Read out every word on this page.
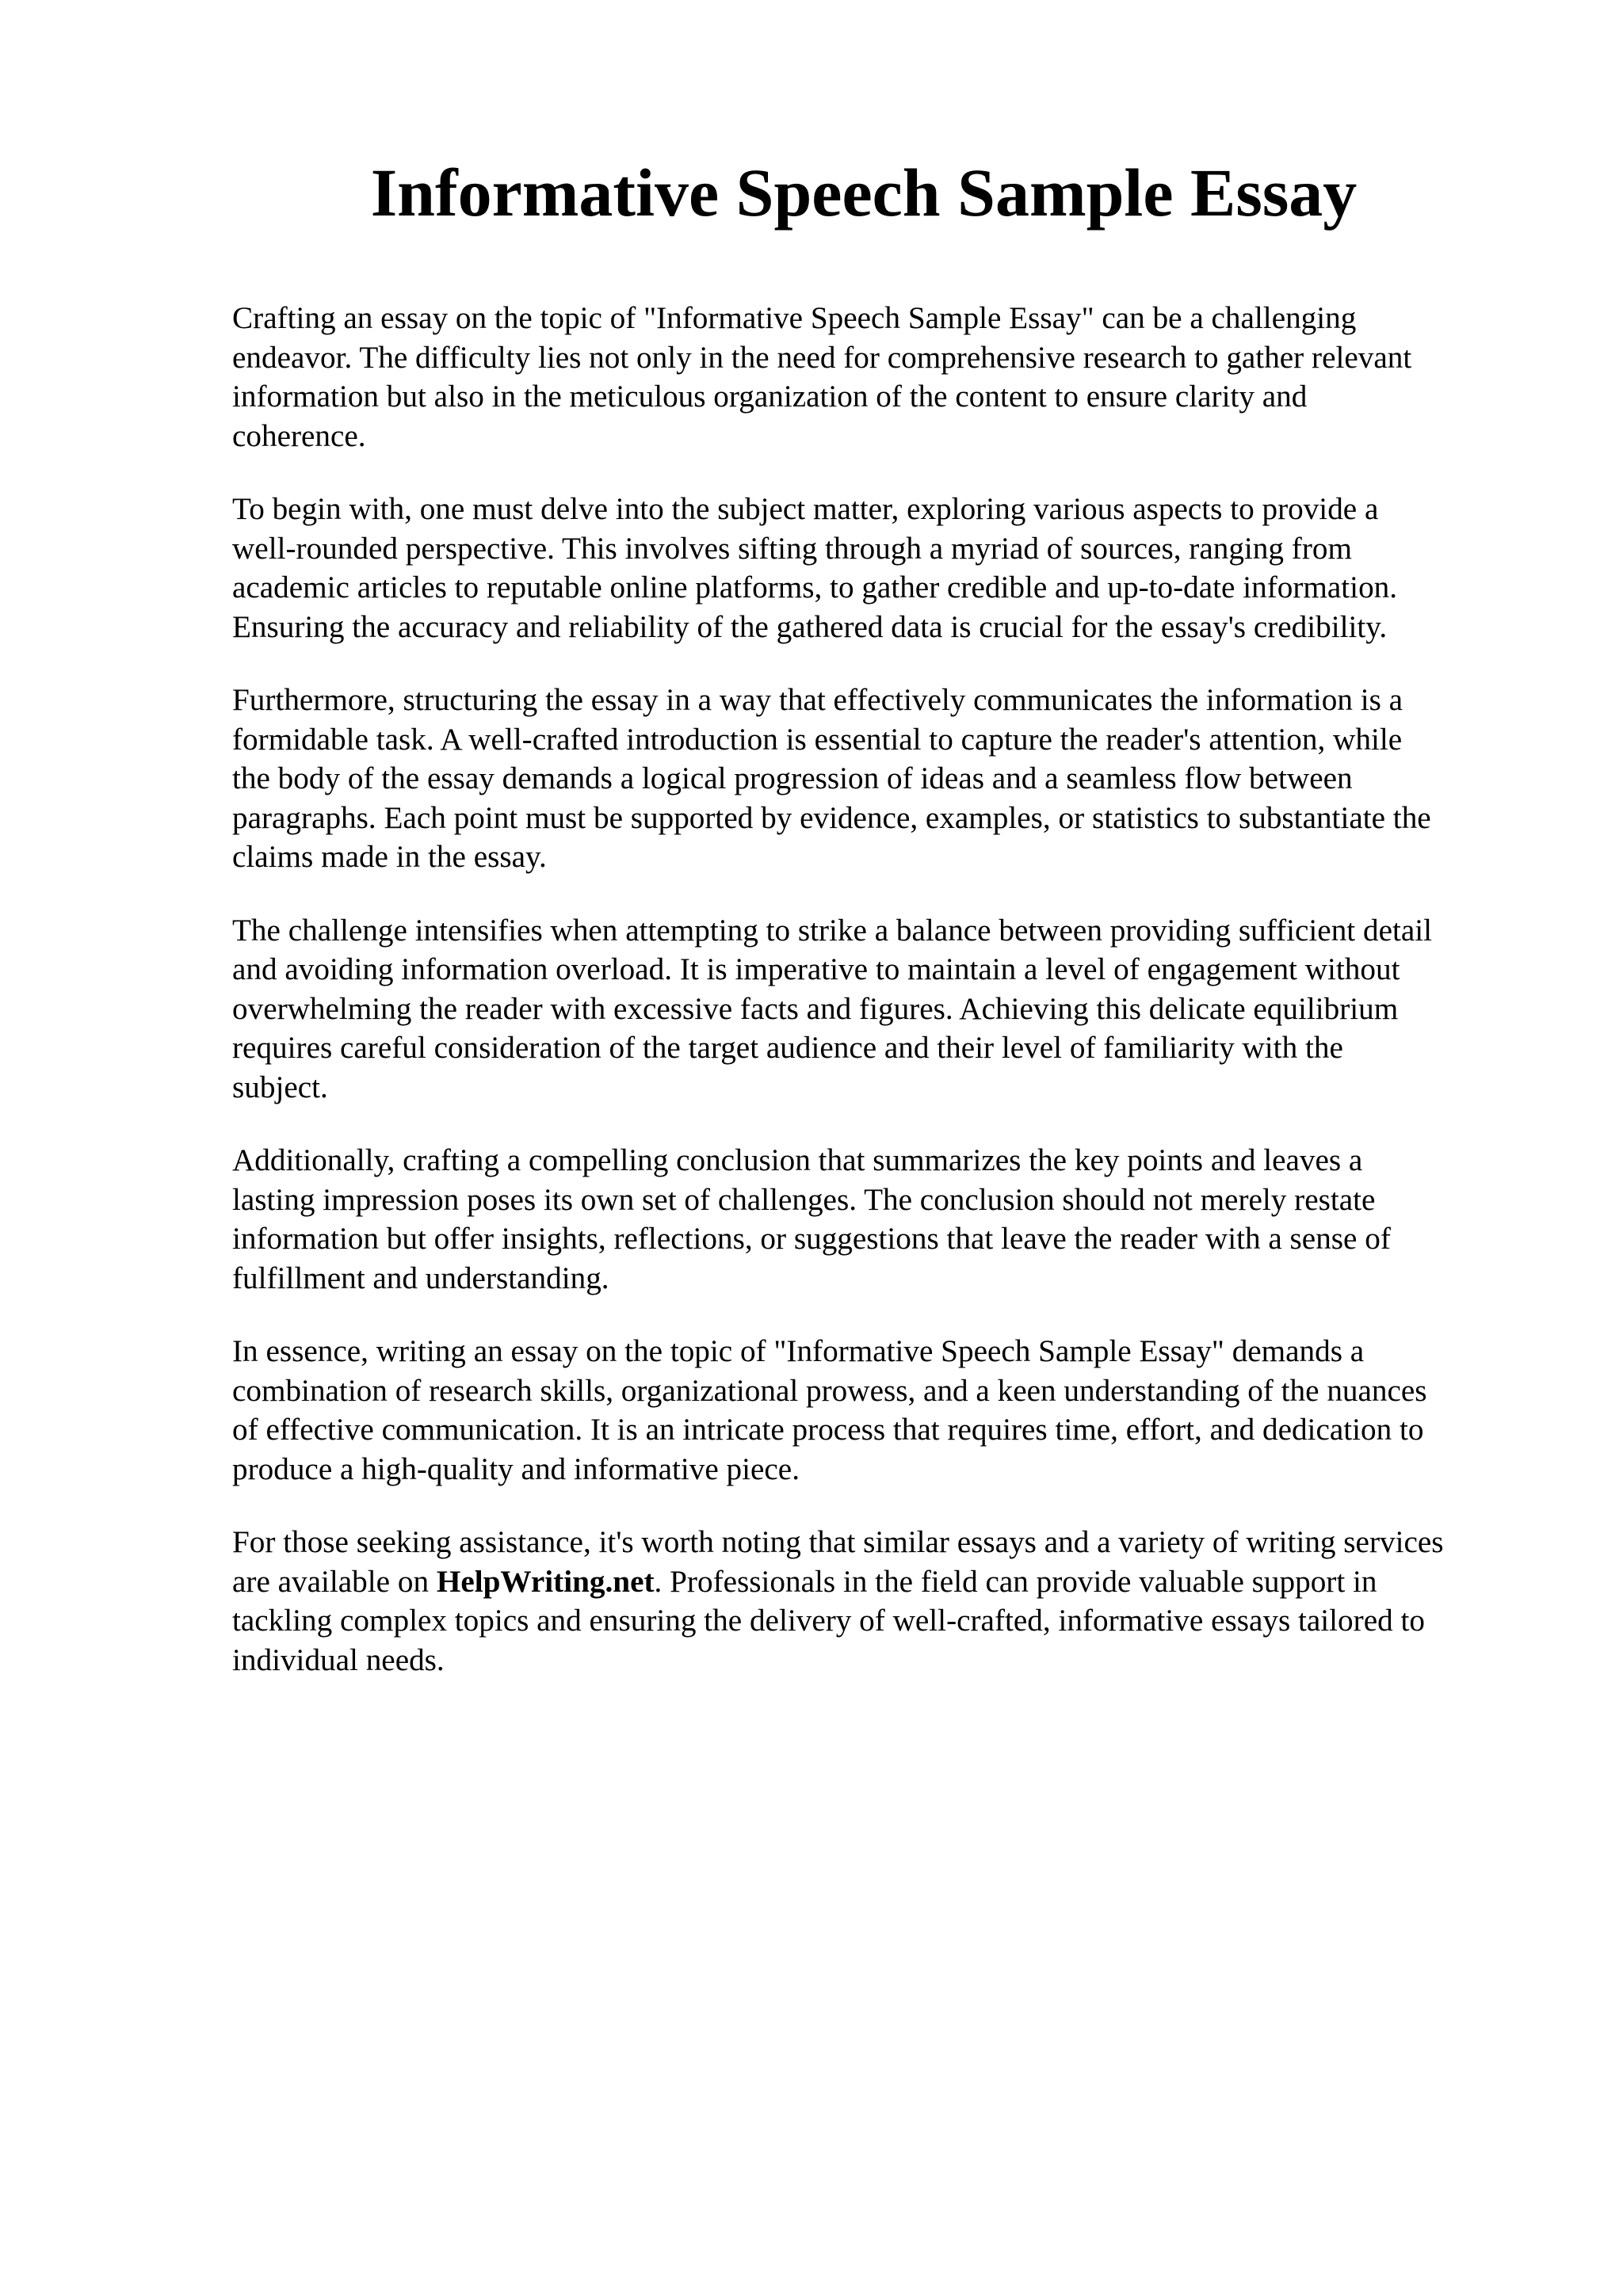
Informative Speech Sample Essay

Crafting an essay on the topic of "Informative Speech Sample Essay" can be a challenging
endeavor. The difficulty lies not only in the need for comprehensive research to gather relevant
information but also in the meticulous organization of the content to ensure clarity and
coherence.

To begin with, one must delve into the subject matter, exploring various aspects to provide a
well-rounded perspective. This involves sifting through a myriad of sources, ranging from
academic articles to reputable online platforms, to gather credible and up-to-date information.
Ensuring the accuracy and reliability of the gathered data is crucial for the essay's credibility.

Furthermore, structuring the essay in a way that effectively communicates the information is a
formidable task. A well-crafted introduction is essential to capture the reader's attention, while
the body of the essay demands a logical progression of ideas and a seamless flow between
paragraphs. Each point must be supported by evidence, examples, or statistics to substantiate the
claims made in the essay.

The challenge intensifies when attempting to strike a balance between providing sufficient detail
and avoiding information overload. It is imperative to maintain a level of engagement without
overwhelming the reader with excessive facts and figures. Achieving this delicate equilibrium
requires careful consideration of the target audience and their level of familiarity with the
subject.

Additionally, crafting a compelling conclusion that summarizes the key points and leaves a
lasting impression poses its own set of challenges. The conclusion should not merely restate
information but offer insights, reflections, or suggestions that leave the reader with a sense of
fulfillment and understanding.

In essence, writing an essay on the topic of "Informative Speech Sample Essay" demands a
combination of research skills, organizational prowess, and a keen understanding of the nuances
of effective communication. It is an intricate process that requires time, effort, and dedication to
produce a high-quality and informative piece.

For those seeking assistance, it's worth noting that similar essays and a variety of writing services
are available on HelpWriting.net. Professionals in the field can provide valuable support in
tackling complex topics and ensuring the delivery of well-crafted, informative essays tailored to
individual needs.
